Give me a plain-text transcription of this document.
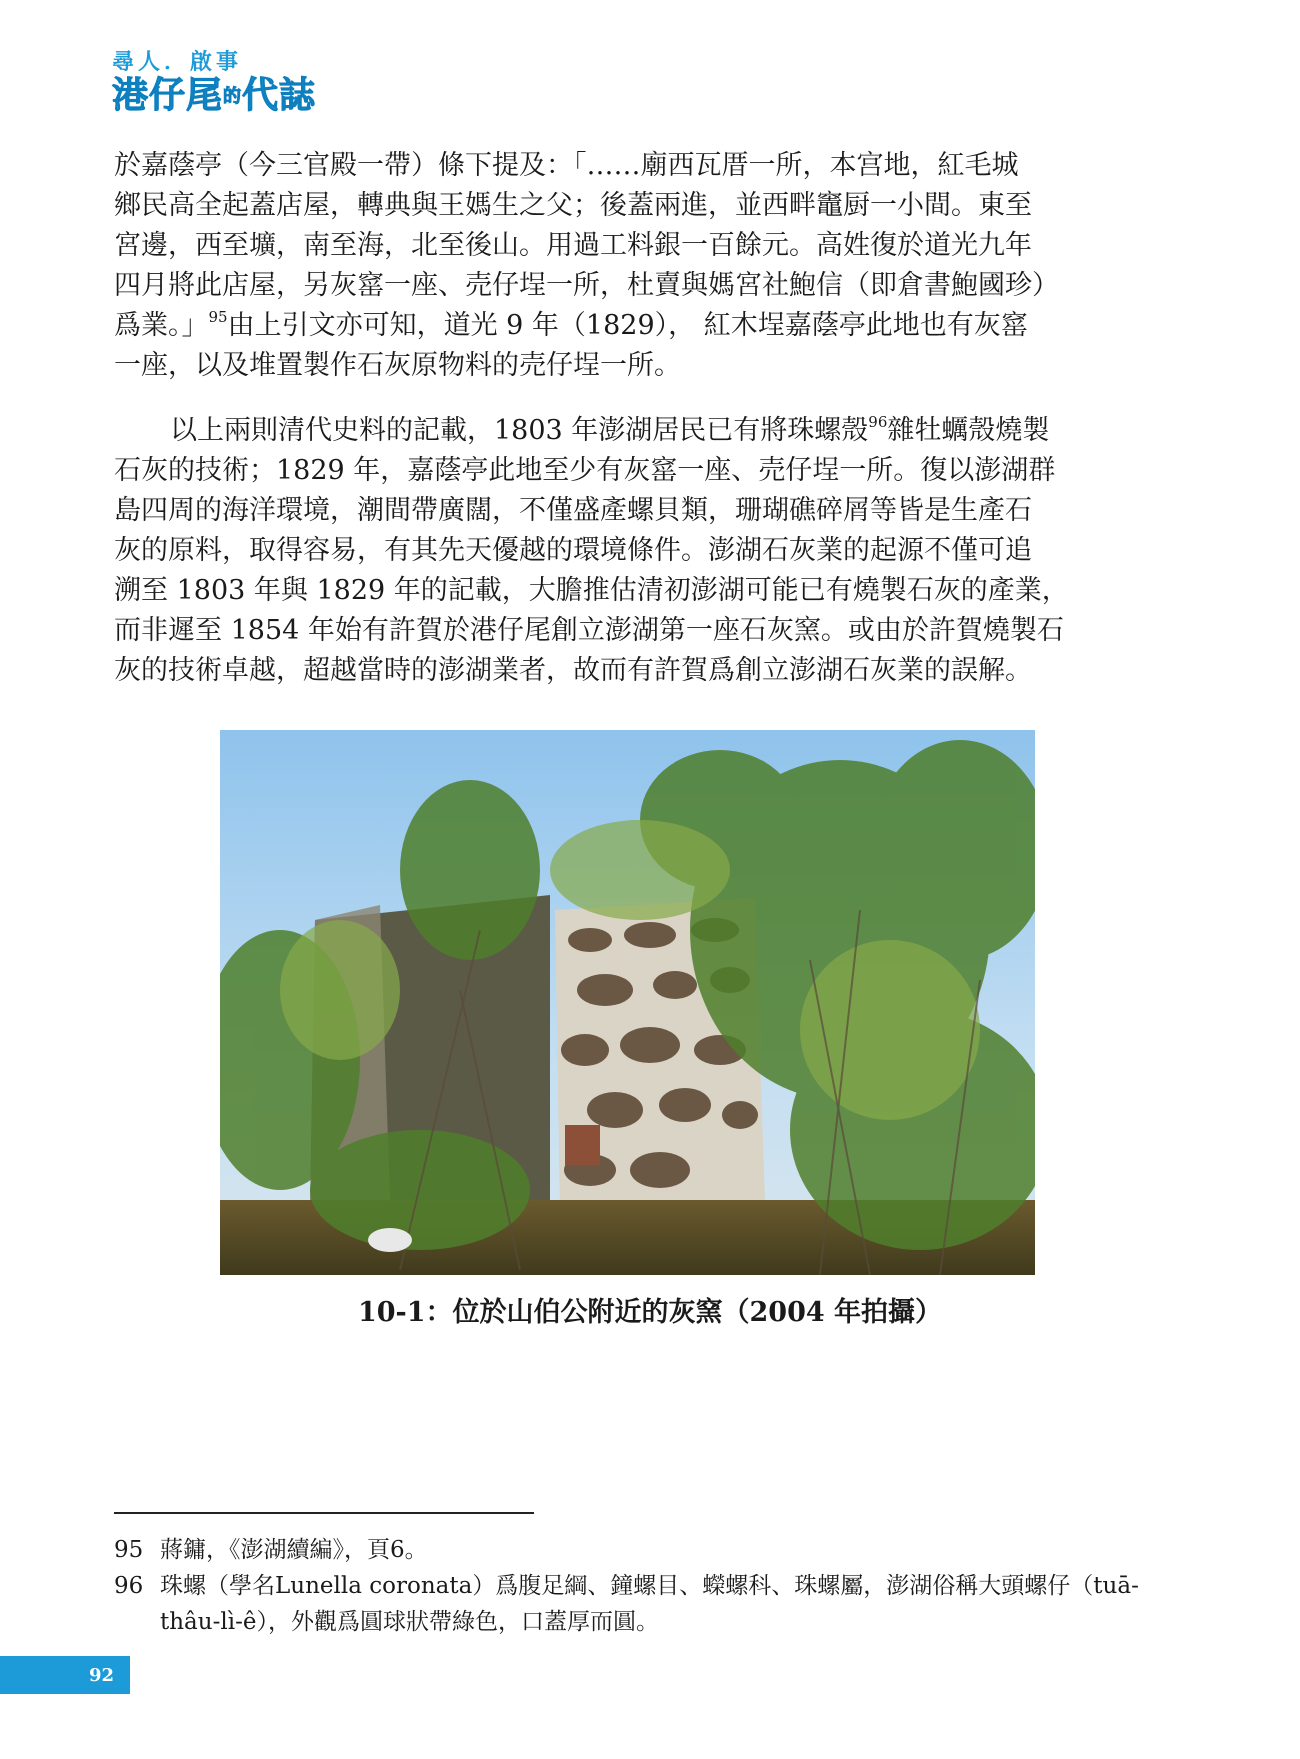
尋人．啟事
港仔尾的代誌

於嘉蔭亭（今三官殿一帶）條下提及：「……廟西瓦厝一所，本宫地，紅毛城

鄉民高全起蓋店屋，轉典與王媽生之父；後蓋兩進，並西畔竈厨一小間。東至

宮邊，西至壙，南至海，北至後山。用過工料銀一百餘元。高姓復於道光九年

四月將此店屋，另灰窰一座、売仔埕一所，杜賣與媽宮社鮑信（即倉書鮑國珍）

爲業。」$^{95}$由上引文亦可知，道光 9 年（1829）， 紅木埕嘉蔭亭此地也有灰窰

一座，以及堆置製作石灰原物料的売仔埕一所。

以上兩則清代史料的記載，1803 年澎湖居民已有將珠螺殼$^{96}$雜牡蠣殼燒製

石灰的技術；1829 年，嘉蔭亭此地至少有灰窰一座、売仔埕一所。復以澎湖群

島四周的海洋環境，潮間帶廣闊，不僅盛產螺貝類，珊瑚礁碎屑等皆是生產石

灰的原料，取得容易，有其先天優越的環境條件。澎湖石灰業的起源不僅可追

溯至 1803 年與 1829 年的記載，大膽推估清初澎湖可能已有燒製石灰的產業，

而非遲至 1854 年始有許賀於港仔尾創立澎湖第一座石灰窯。或由於許賀燒製石

灰的技術卓越，超越當時的澎湖業者，故而有許賀爲創立澎湖石灰業的誤解。

10-1：位於山伯公附近的灰窯（2004 年拍攝）
95 蔣鏞，《澎湖續編》，頁6。
96 珠螺（學名Lunella coronata）爲腹足綱、鐘螺目、蠑螺科、珠螺屬，澎湖俗稱大頭螺仔（tuā-thâu-lì-ê），外觀爲圓球狀帶綠色，口蓋厚而圓。
92
